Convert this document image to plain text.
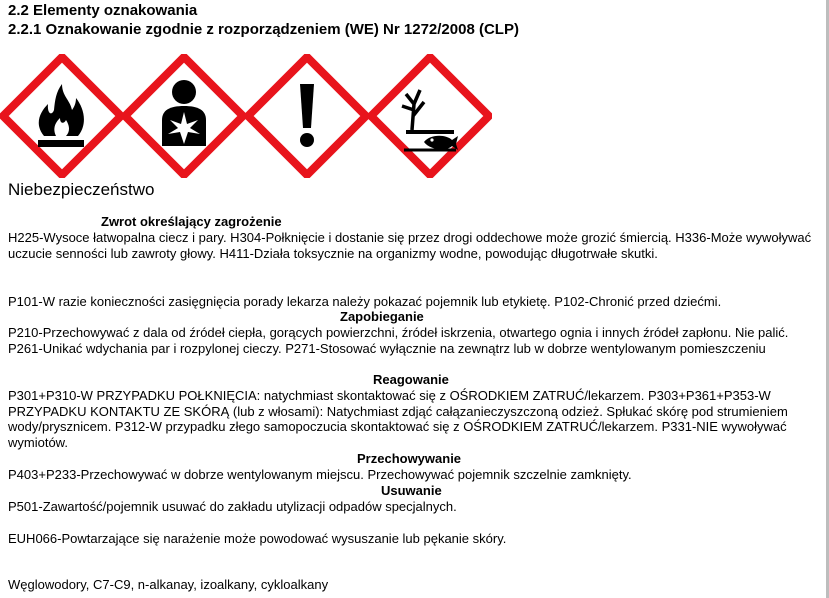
2.2 Elementy oznakowania
2.2.1 Oznakowanie zgodnie z rozporządzeniem (WE) Nr 1272/2008 (CLP)
Niebezpieczeństwo
Zwrot określający zagrożenie
H225-Wysoce łatwopalna ciecz i pary. H304-Połknięcie i dostanie się przez drogi oddechowe może grozić śmiercią. H336-Może wywoływać uczucie senności lub zawroty głowy. H411-Działa toksycznie na organizmy wodne, powodując długotrwałe skutki.
P101-W razie konieczności zasięgnięcia porady lekarza należy pokazać pojemnik lub etykietę. P102-Chronić przed dziećmi.
Zapobieganie
P210-Przechowywać z dala od źródeł ciepła, gorących powierzchni, źródeł iskrzenia, otwartego ognia i innych źródeł zapłonu. Nie palić. P261-Unikać wdychania par i rozpylonej cieczy. P271-Stosować wyłącznie na zewnątrz lub w dobrze wentylowanym pomieszczeniu
Reagowanie
P301+P310-W PRZYPADKU POŁKNIĘCIA: natychmiast skontaktować się z OŚRODKIEM ZATRUĆ/lekarzem. P303+P361+P353-W PRZYPADKU KONTAKTU ZE SKÓRĄ (lub z włosami): Natychmiast zdjąć całązanieczyszczoną odzież. Spłukać skórę pod strumieniem wody/prysznicem. P312-W przypadku złego samopoczucia skontaktować się z OŚRODKIEM ZATRUĆ/lekarzem. P331-NIE wywoływać wymiotów.
Przechowywanie
P403+P233-Przechowywać w dobrze wentylowanym miejscu. Przechowywać pojemnik szczelnie zamknięty.
Usuwanie
P501-Zawartość/pojemnik usuwać do zakładu utylizacji odpadów specjalnych.
EUH066-Powtarzające się narażenie może powodować wysuszanie lub pękanie skóry.
Węglowodory, C7-C9, n-alkanay, izoalkany, cykloalkany
